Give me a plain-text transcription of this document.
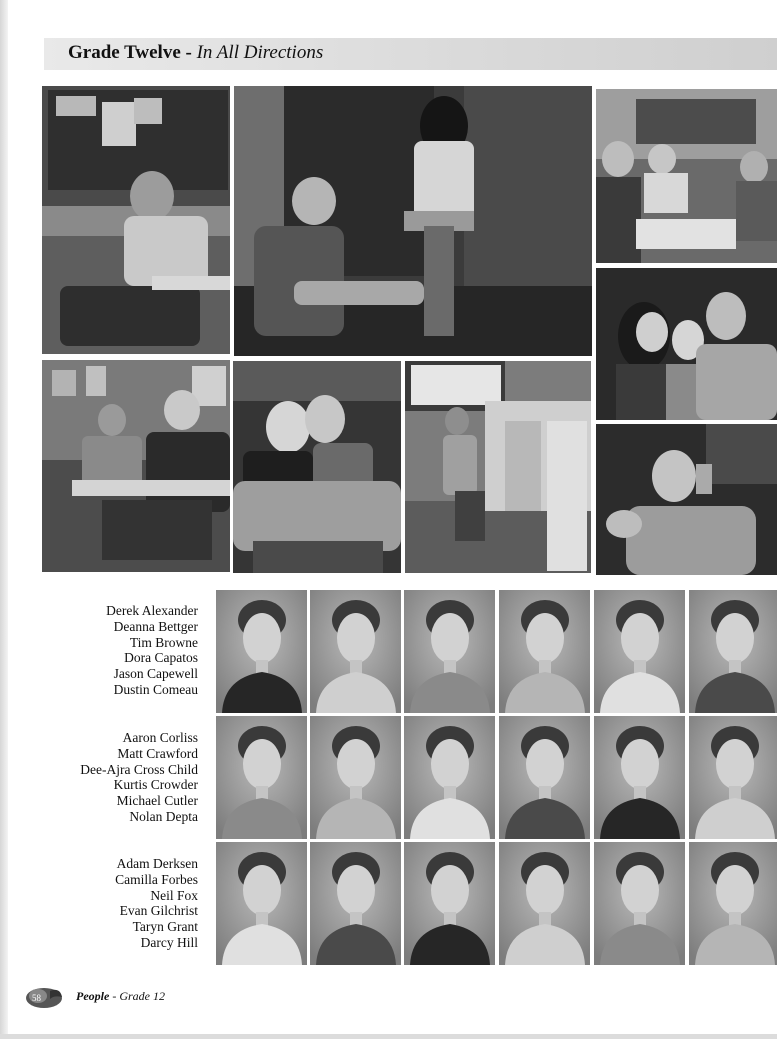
Grade Twelve - In All Directions
Derek Alexander
Deanna Bettger
Tim Browne
Dora Capatos
Jason Capewell
Dustin Comeau
Aaron Corliss
Matt Crawford
Dee-Ajra Cross Child
Kurtis Crowder
Michael Cutler
Nolan Depta
Adam Derksen
Camilla Forbes
Neil Fox
Evan Gilchrist
Taryn Grant
Darcy Hill
58	People - Grade 12
